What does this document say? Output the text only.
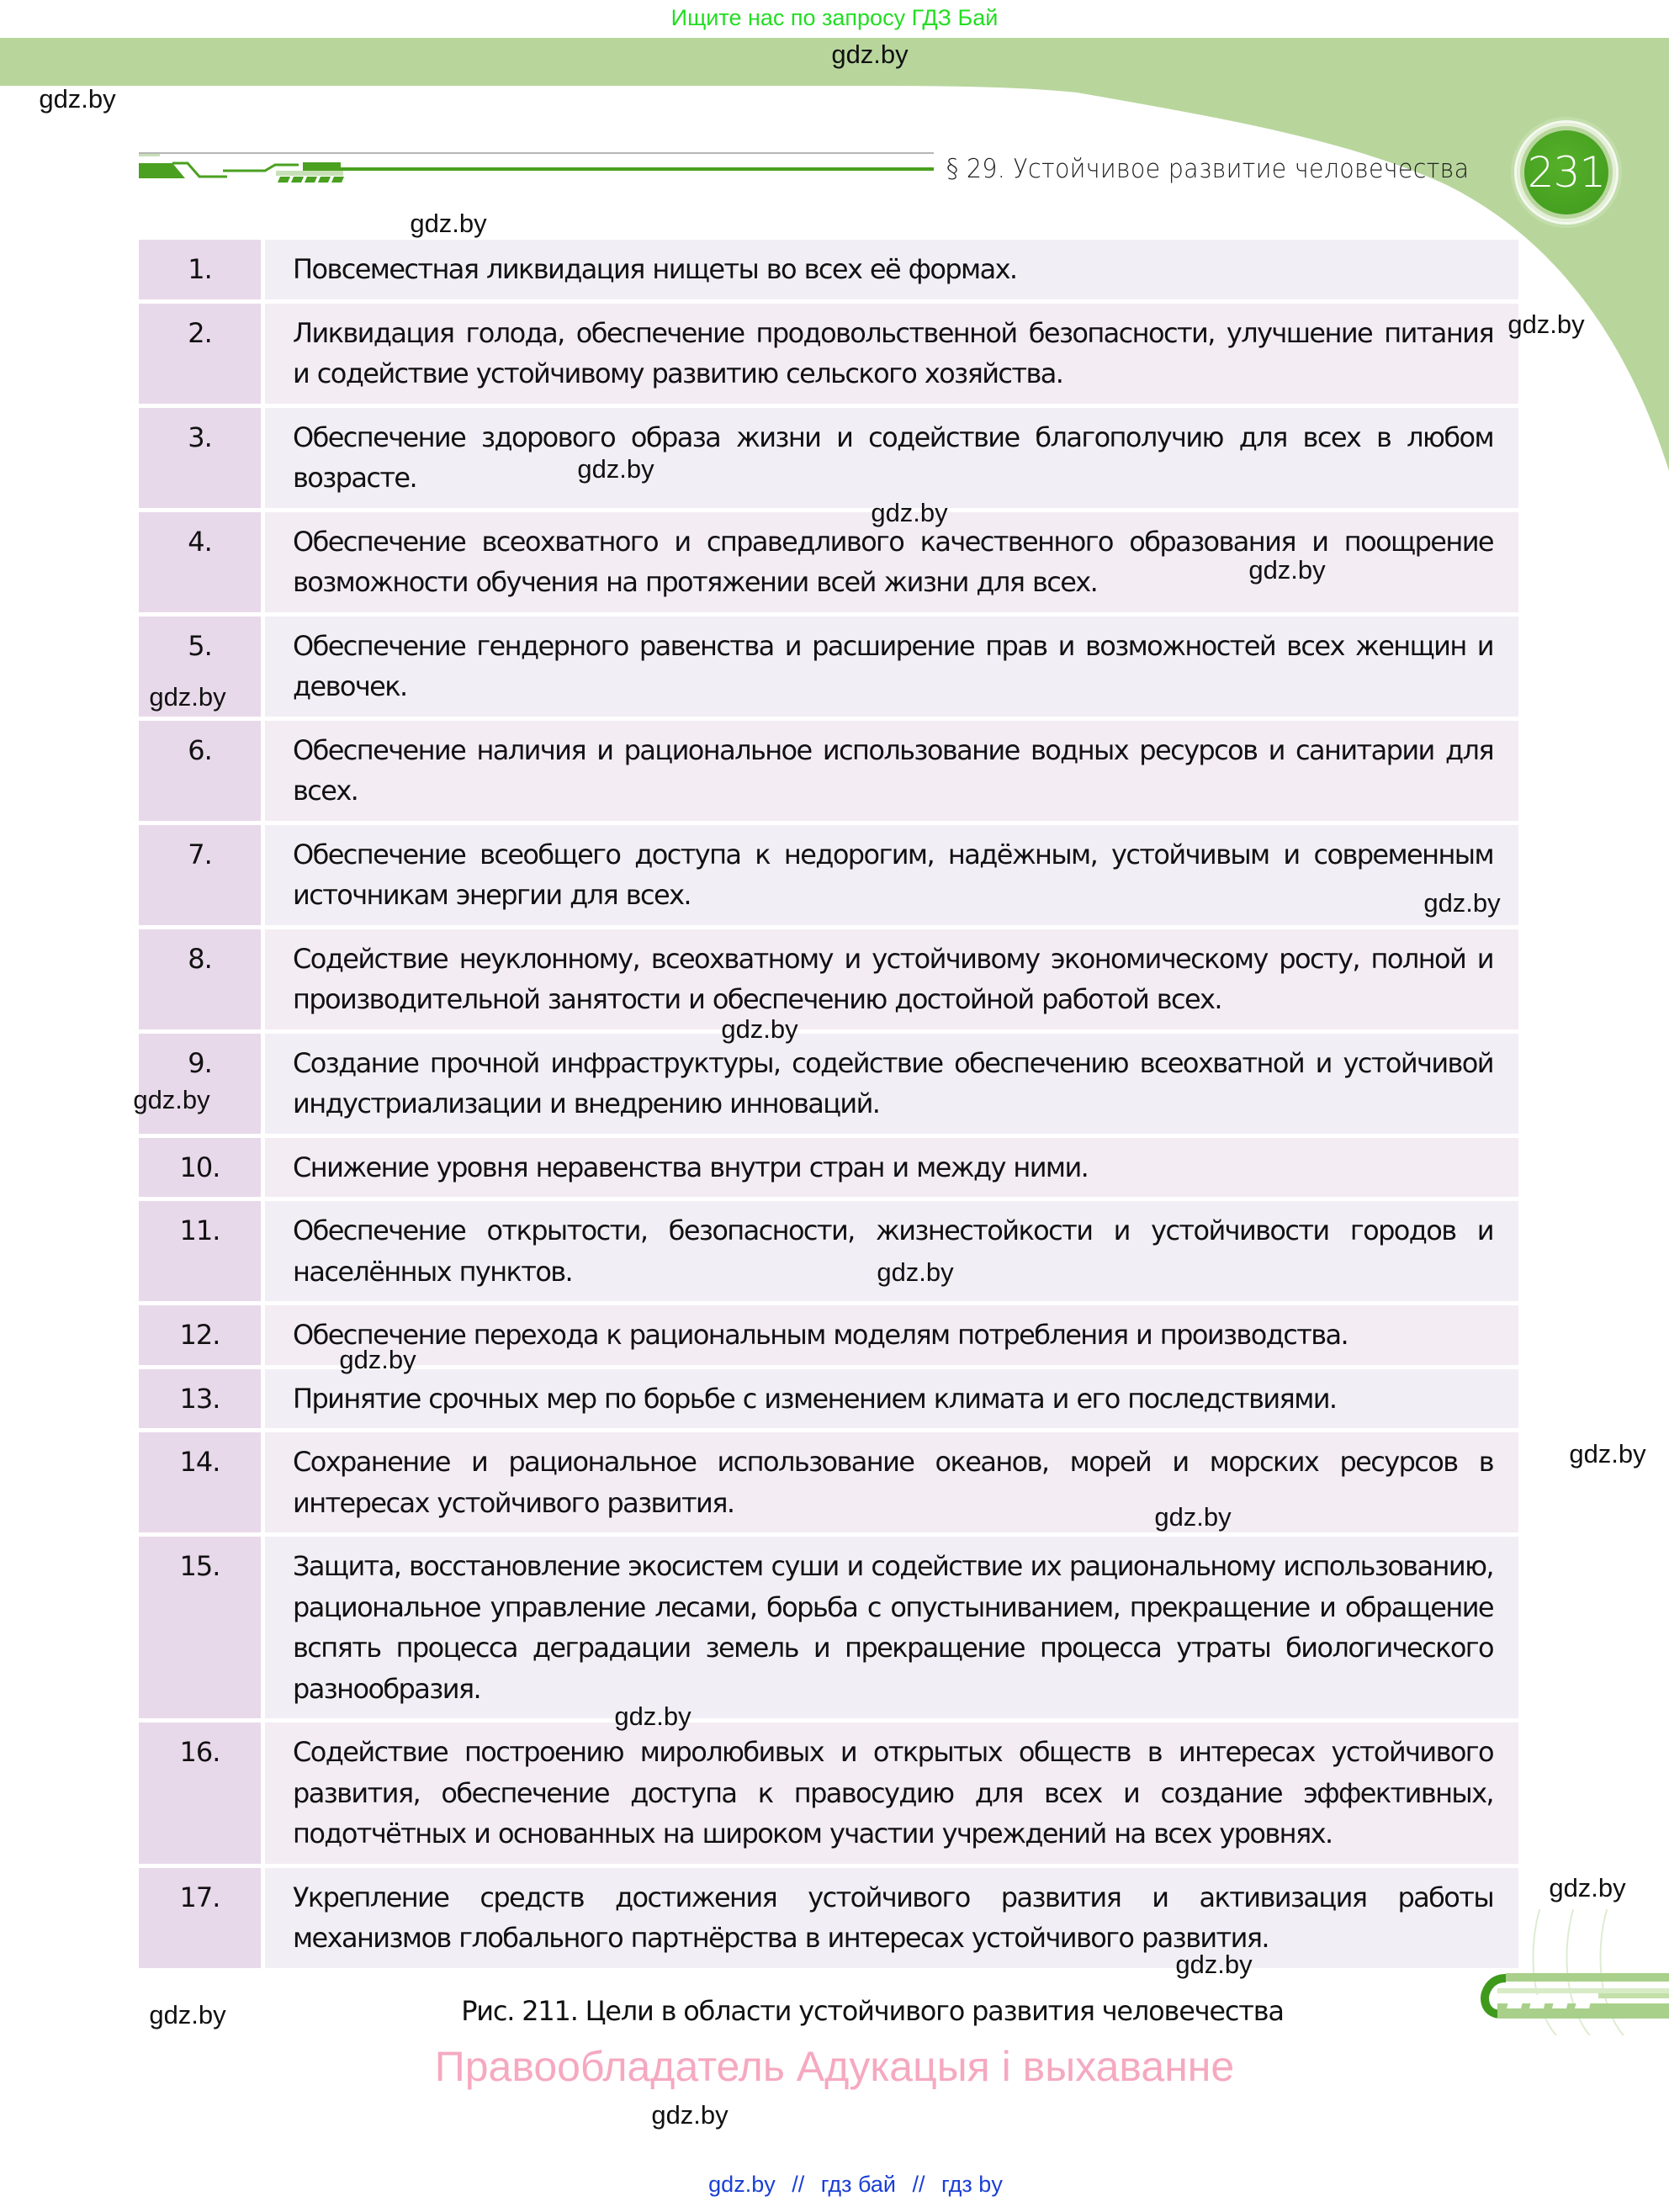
Ищите нас по запросу ГДЗ Бай
gdz.by
§ 29. Устойчивое развитие человечества 231
1.	Повсеместная ликвидация нищеты во всех её формах.
2.	Ликвидация голода, обеспечение продовольственной безопасности, улучшение питания и содействие устойчивому развитию сельского хозяйства.
3.	Обеспечение здорового образа жизни и содействие благополучию для всех в любом возрасте.
4.	Обеспечение всеохватного и справедливого качественного образования и поощрение возможности обучения на протяжении всей жизни для всех.
5.	Обеспечение гендерного равенства и расширение прав и возможностей всех женщин и девочек.
6.	Обеспечение наличия и рациональное использование водных ресурсов и санитарии для всех.
7.	Обеспечение всеобщего доступа к недорогим, надёжным, устойчивым и современным источникам энергии для всех.
8.	Содействие неуклонному, всеохватному и устойчивому экономическому росту, полной и производительной занятости и обеспечению достойной работой всех.
9.	Создание прочной инфраструктуры, содействие обеспечению всеохватной и устойчивой индустриализации и внедрению инноваций.
10.	Снижение уровня неравенства внутри стран и между ними.
11.	Обеспечение открытости, безопасности, жизнестойкости и устойчивости городов и населённых пунктов.
12.	Обеспечение перехода к рациональным моделям потребления и производства.
13.	Принятие срочных мер по борьбе с изменением климата и его последствиями.
14.	Сохранение и рациональное использование океанов, морей и морских ресурсов в интересах устойчивого развития.
15.	Защита, восстановление экосистем суши и содействие их рациональному использованию, рациональное управление лесами, борьба с опустыниванием, прекращение и обращение вспять процесса деградации земель и прекращение процесса утраты биологического разнообразия.
16.	Содействие построению миролюбивых и открытых обществ в интересах устойчивого развития, обеспечение доступа к правосудию для всех и создание эффективных, подотчётных и основанных на широком участии учреждений на всех уровнях.
17.	Укрепление средств достижения устойчивого развития и активизация работы механизмов глобального партнёрства в интересах устойчивого развития.
Рис. 211. Цели в области устойчивого развития человечества
Правообладатель Адукацыя і выхаванне
gdz.by // гдз бай // гдз by
gdz.by
gdz.by
gdz.by
gdz.by
gdz.by
gdz.by
gdz.by
gdz.by
gdz.by
gdz.by
gdz.by
gdz.by
gdz.by
gdz.by
gdz.by
gdz.by
gdz.by
gdz.by
gdz.by
